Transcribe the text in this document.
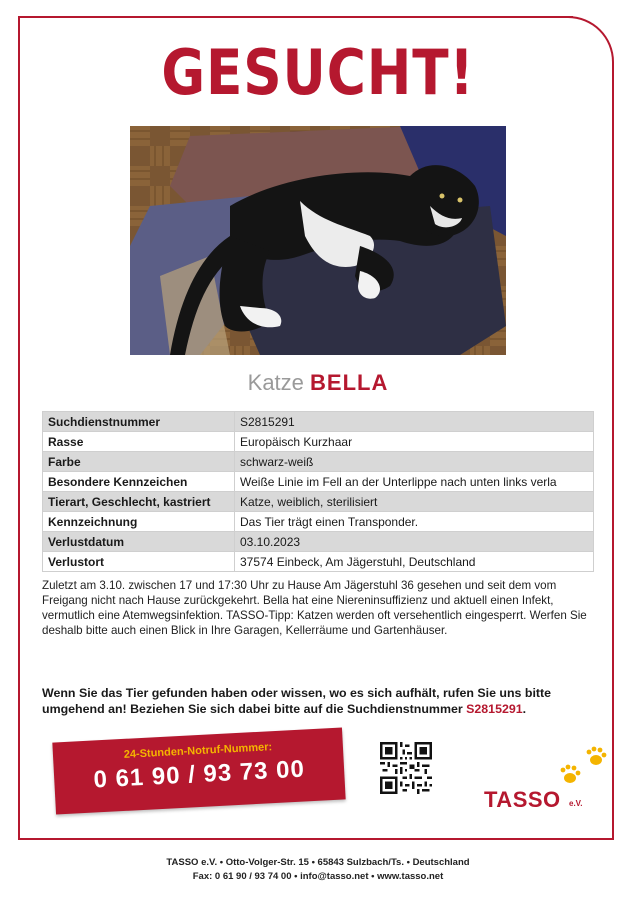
GESUCHT!
Katze BELLA
Suchdienstnummer	S2815291
Rasse	Europäisch Kurzhaar
Farbe	schwarz-weiß
Besondere Kennzeichen	Weiße Linie im Fell an der Unterlippe nach unten links verla
Tierart, Geschlecht, kastriert	Katze, weiblich, sterilisiert
Kennzeichnung	Das Tier trägt einen Transponder.
Verlustdatum	03.10.2023
Verlustort	37574 Einbeck, Am Jägerstuhl, Deutschland
Zuletzt am 3.10. zwischen 17 und 17:30 Uhr zu Hause Am Jägerstuhl 36 gesehen und seit dem vom Freigang nicht nach Hause zurückgekehrt. Bella hat eine Niereninsuffizienz und aktuell einen Infekt, vermutlich eine Atemwegsinfektion. TASSO-Tipp: Katzen werden oft versehentlich eingesperrt. Werfen Sie deshalb bitte auch einen Blick in Ihre Garagen, Kellerräume und Gartenhäuser.
Wenn Sie das Tier gefunden haben oder wissen, wo es sich aufhält, rufen Sie uns bitte umgehend an! Beziehen Sie sich dabei bitte auf die Suchdienstnummer S2815291.
24-Stunden-Notruf-Nummer:
0 61 90 / 93 73 00
TASSO e.V.
TASSO e.V. • Otto-Volger-Str. 15 • 65843 Sulzbach/Ts. • Deutschland
Fax: 0 61 90 / 93 74 00 • info@tasso.net • www.tasso.net
